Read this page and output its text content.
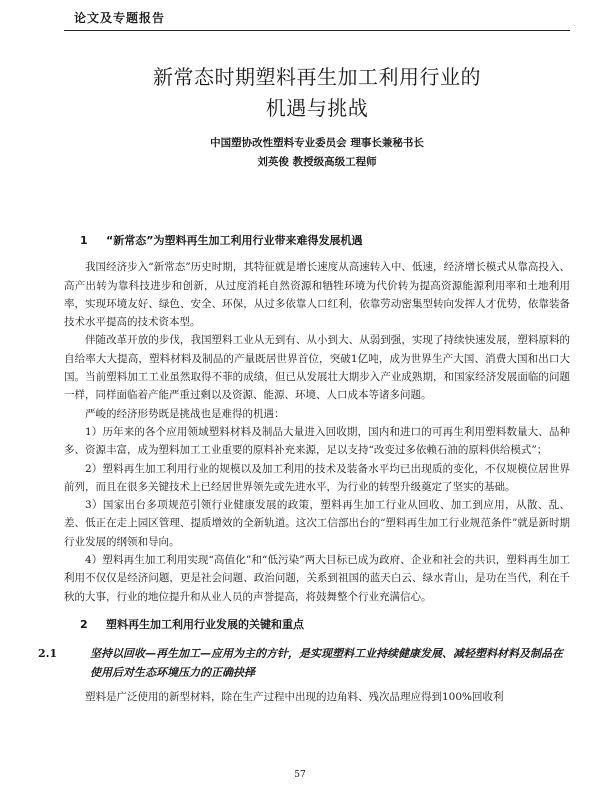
论文及专题报告
新常态时期塑料再生加工利用行业的
机遇与挑战

中国塑协改性塑料专业委员会 理事长兼秘书长

刘英俊 教授级高级工程师

1 “新常态”为塑料再生加工利用行业带来难得发展机遇

我国经济步入“新常态”历史时期，其特征就是增长速度从高速转入中、低速，经济增长模式从靠高投入、高产出转为靠科技进步和创新，从过度消耗自然资源和牺牲环境为代价转为提高资源能源利用率和土地利用率，实现环境友好、绿色、安全、环保，从过多依靠人口红利，依靠劳动密集型转向发挥人才优势，依靠装备技术水平提高的技术资本型。

伴随改革开放的步伐，我国塑料工业从无到有、从小到大、从弱到强，实现了持续快速发展，塑料原料的自给率大大提高，塑料材料及制品的产量既居世界首位，突破1亿吨，成为世界生产大国、消费大国和出口大国。当前塑料加工工业虽然取得不菲的成绩，但已从发展壮大期步入产业成熟期，和国家经济发展面临的问题一样，同样面临着产能严重过剩以及资源、能源、环境、人口成本等诸多问题。

严峻的经济形势既是挑战也是难得的机遇：

1）历年来的各个应用领域塑料材料及制品大量进入回收期，国内和进口的可再生利用塑料数量大、品种多、资源丰富，成为塑料加工工业重要的原料补充来源，足以支持“改变过多依赖石油的原料供给模式”；

2）塑料再生加工利用行业的规模以及加工利用的技术及装备水平均已出现质的变化，不仅规模位居世界前列，而且在很多关键技术上已经居世界领先或先进水平，为行业的转型升级奠定了坚实的基础。

3）国家出台多项规范引领行业健康发展的政策，塑料再生加工行业从回收、加工到应用，从散、乱、差、低正在走上园区管理、提质增效的全新轨道。这次工信部出台的“塑料再生加工行业规范条件”就是新时期行业发展的纲领和导向。

4）塑料再生加工利用实现“高值化”和“低污染”两大目标已成为政府、企业和社会的共识，塑料再生加工利用不仅仅是经济问题，更是社会问题、政治问题，关系到祖国的蓝天白云、绿水青山，是功在当代，利在千秋的大事，行业的地位提升和从业人员的声誉提高，将鼓舞整个行业充满信心。

2 塑料再生加工利用行业发展的关键和重点

2.1	坚持以回收—再生加工—应用为主的方针，是实现塑料工业持续健康发展、减轻塑料材料及制品在使用后对生态环境压力的正确抉择

塑料是广泛使用的新型材料，除在生产过程中出现的边角料、残次品理应得到100%回收利

57
